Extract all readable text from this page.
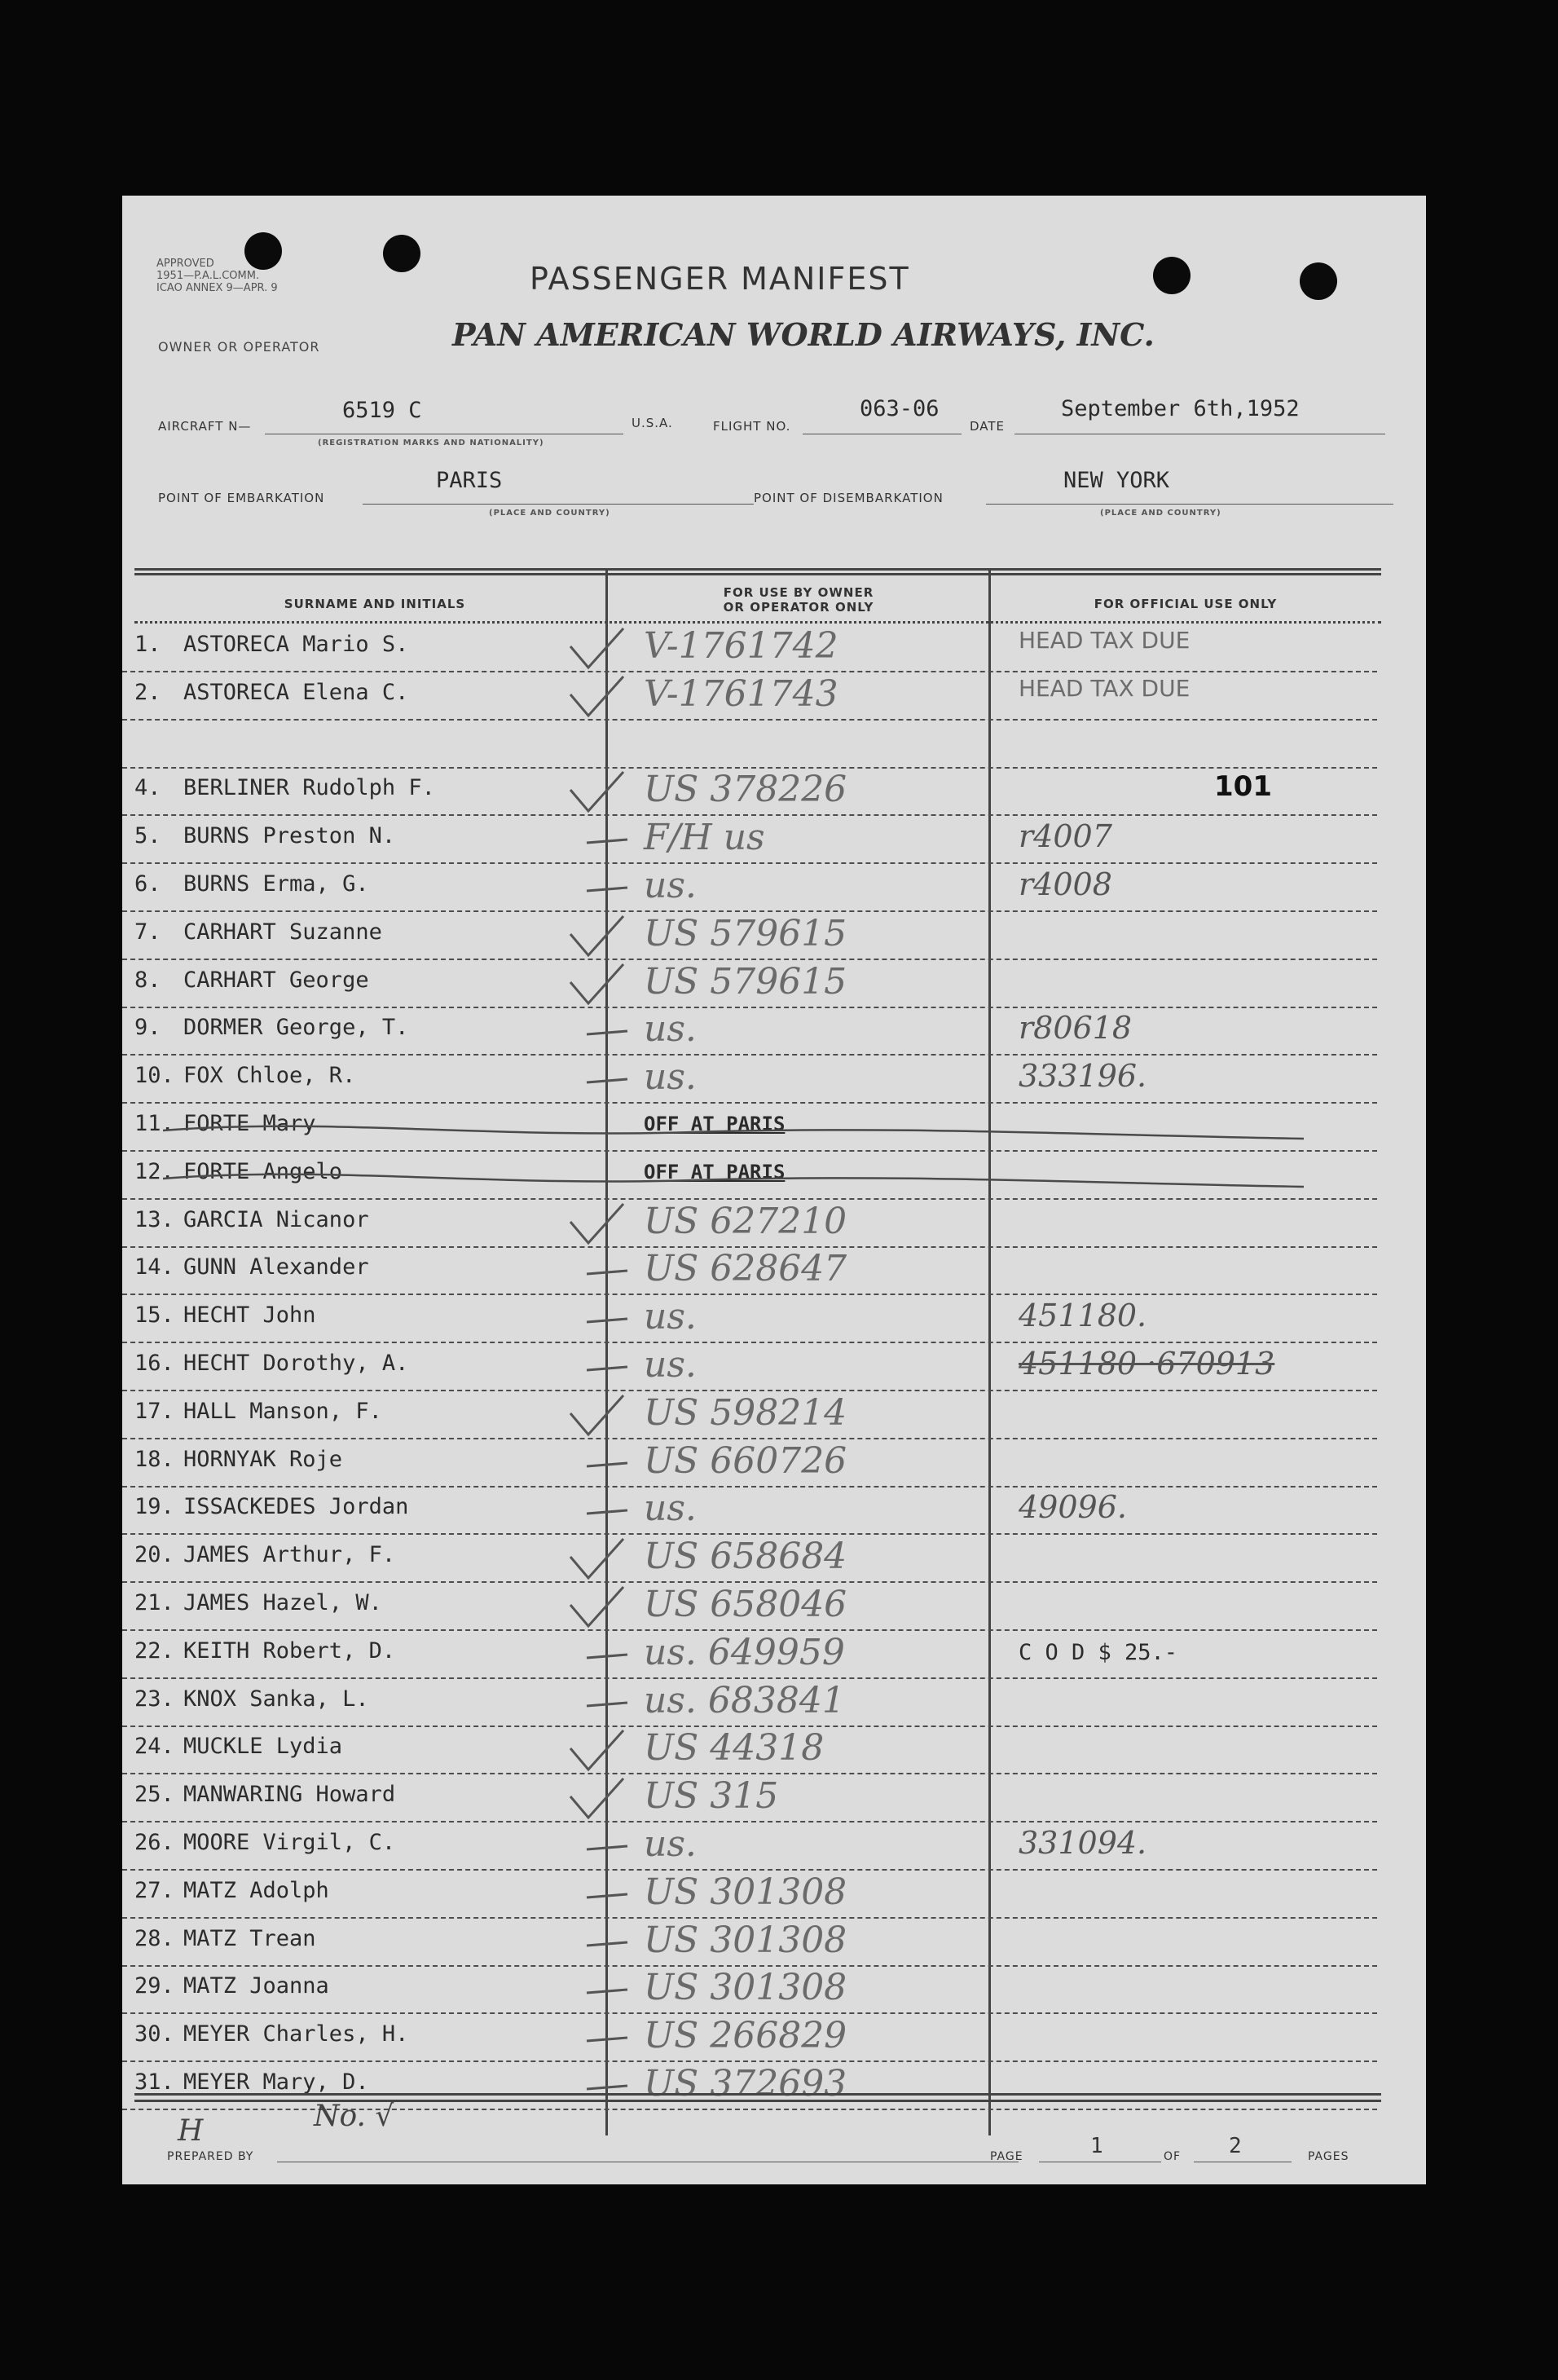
APPROVED
1951—P.A.L.COMM.
ICAO ANNEX 9—APR. 9
OWNER OR OPERATOR
PASSENGER MANIFEST
PAN AMERICAN WORLD AIRWAYS, INC.
AIRCRAFT N—
6519 C
(REGISTRATION MARKS AND NATIONALITY)
U.S.A.	FLIGHT NO.
063-06
DATE
September 6th,1952
POINT OF EMBARKATION
PARIS
(PLACE AND COUNTRY)
POINT OF DISEMBARKATION
NEW YORK
(PLACE AND COUNTRY)
SURNAME AND INITIALS
FOR USE BY OWNER
OR OPERATOR ONLY	FOR OFFICIAL USE ONLY
1. ASTORECA Mario S.	V-1761742	HEAD TAX DUE
2. ASTORECA Elena C.	V-1761743	HEAD TAX DUE
4. BERLINER Rudolph F.	US 378226	101
5. BURNS Preston N.	F/H us	r4007
6. BURNS Erma, G.	us.	r4008
7. CARHART Suzanne	US 579615
8. CARHART George	US 579615
9. DORMER George, T.	us.	r80618
10. FOX Chloe, R.	us.	333196.
11. FORTE Mary	OFF AT PARIS
12. FORTE Angelo	OFF AT PARIS
13. GARCIA Nicanor	US 627210
14. GUNN Alexander	US 628647
15. HECHT John	us.	451180.
16. HECHT Dorothy, A.	us.	451180 ·670913
17. HALL Manson, F.	US 598214
18. HORNYAK Roje	US 660726
19. ISSACKEDES Jordan	us.	49096.
20. JAMES Arthur, F.	US 658684
21. JAMES Hazel, W.	US 658046
22. KEITH Robert, D.	us. 649959	C O D $ 25.-
23. KNOX Sanka, L.	us. 683841
24. MUCKLE Lydia	US 44318
25. MANWARING Howard	US 315
26. MOORE Virgil, C.	us.	331094.
27. MATZ Adolph	US 301308
28. MATZ Trean	US 301308
29. MATZ Joanna	US 301308
30. MEYER Charles, H.	US 266829
31. MEYER Mary, D.	US 372693
H	No. √
PREPARED BY	PAGE	1	OF 2	PAGES
